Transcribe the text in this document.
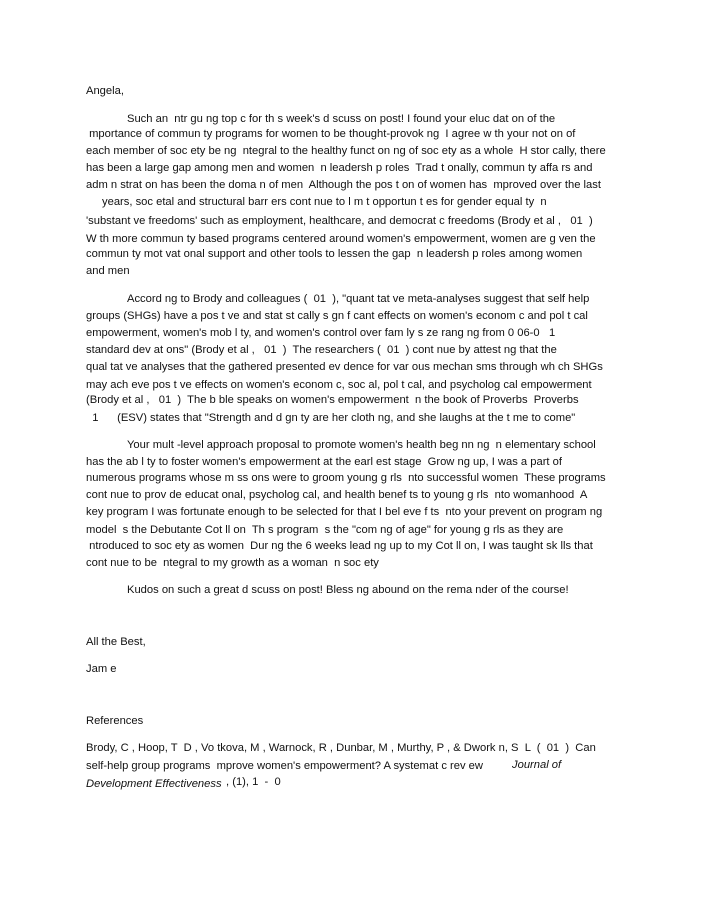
Angela,
Such an  ntr gu ng top c for th s week's d scuss on post! I found your eluc dat on of the
mportance of commun ty programs for women to be thought-provok ng  I agree w th your not on of
each member of soc ety be ng  ntegral to the healthy funct on ng of soc ety as a whole  H stor cally, there
has been a large gap among men and women  n leadersh p roles  Trad t onally, commun ty affa rs and
adm n strat on has been the doma n of men  Although the pos t on of women has  mproved over the last
years, soc etal and structural barr ers cont nue to l m t opportun t es for gender equal ty  n
'substant ve freedoms' such as employment, healthcare, and democrat c freedoms (Brody et al ,   01  )
W th more commun ty based programs centered around women's empowerment, women are g ven the
commun ty mot vat onal support and other tools to lessen the gap  n leadersh p roles among women
and men
Accord ng to Brody and colleagues (  01  ), "quant tat ve meta-analyses suggest that self help
groups (SHGs) have a pos t ve and stat st cally s gn f cant effects on women's econom c and pol t cal
empowerment, women's mob l ty, and women's control over fam ly s ze rang ng from 0 06-0   1
standard dev at ons" (Brody et al ,   01  )  The researchers (  01  ) cont nue by attest ng that the
qual tat ve analyses that the gathered presented ev dence for var ous mechan sms through wh ch SHGs
may ach eve pos t ve effects on women's econom c, soc al, pol t cal, and psycholog cal empowerment
(Brody et al ,   01  )  The b ble speaks on women's empowerment  n the book of Proverbs  Proverbs
1      (ESV) states that "Strength and d gn ty are her cloth ng, and she laughs at the t me to come"
Your mult -level approach proposal to promote women's health beg nn ng  n elementary school
has the ab l ty to foster women's empowerment at the earl est stage  Grow ng up, I was a part of
numerous programs whose m ss ons were to groom young g rls  nto successful women  These programs
cont nue to prov de educat onal, psycholog cal, and health benef ts to young g rls  nto womanhood  A
key program I was fortunate enough to be selected for that I bel eve f ts  nto your prevent on program ng
model  s the Debutante Cot ll on  Th s program  s the "com ng of age" for young g rls as they are
ntroduced to soc ety as women  Dur ng the 6 weeks lead ng up to my Cot ll on, I was taught sk lls that
cont nue to be  ntegral to my growth as a woman  n soc ety
Kudos on such a great d scuss on post! Bless ng abound on the rema nder of the course!
All the Best,
Jam e
References
Brody, C , Hoop, T  D , Vo tkova, M , Warnock, R , Dunbar, M , Murthy, P , & Dwork n, S  L  (  01  )  Can
self-help group programs  mprove women's empowerment? A systemat c rev ew	Journal of
Development Effectiveness , (1), 1  -  0
